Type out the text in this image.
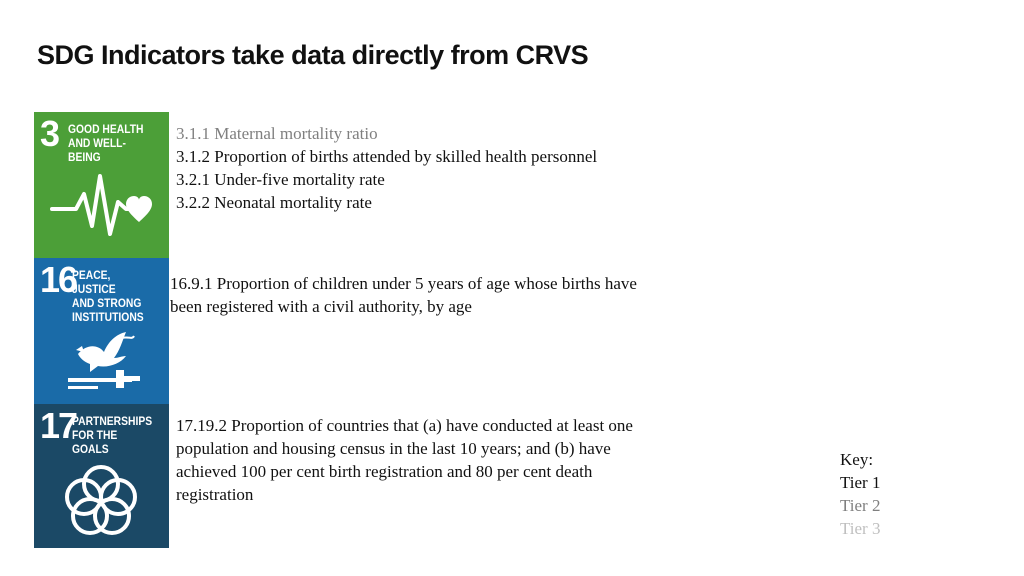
SDG Indicators take data directly from CRVS
3 GOOD HEALTH
AND WELL-BEING
16
PEACE, JUSTICE
AND STRONG
INSTITUTIONS
17
PARTNERSHIPS
FOR THE GOALS
3.1.1 Maternal mortality ratio
3.1.2 Proportion of births attended by skilled health personnel
3.2.1 Under-five mortality rate
3.2.2 Neonatal mortality rate
16.9.1 Proportion of children under 5 years of age whose births have been registered with a civil authority, by age
17.19.2 Proportion of countries that (a) have conducted at least one population and housing census in the last 10 years; and (b) have achieved 100 per cent birth registration and 80 per cent death registration
Key:
Tier 1
Tier 2
Tier 3
